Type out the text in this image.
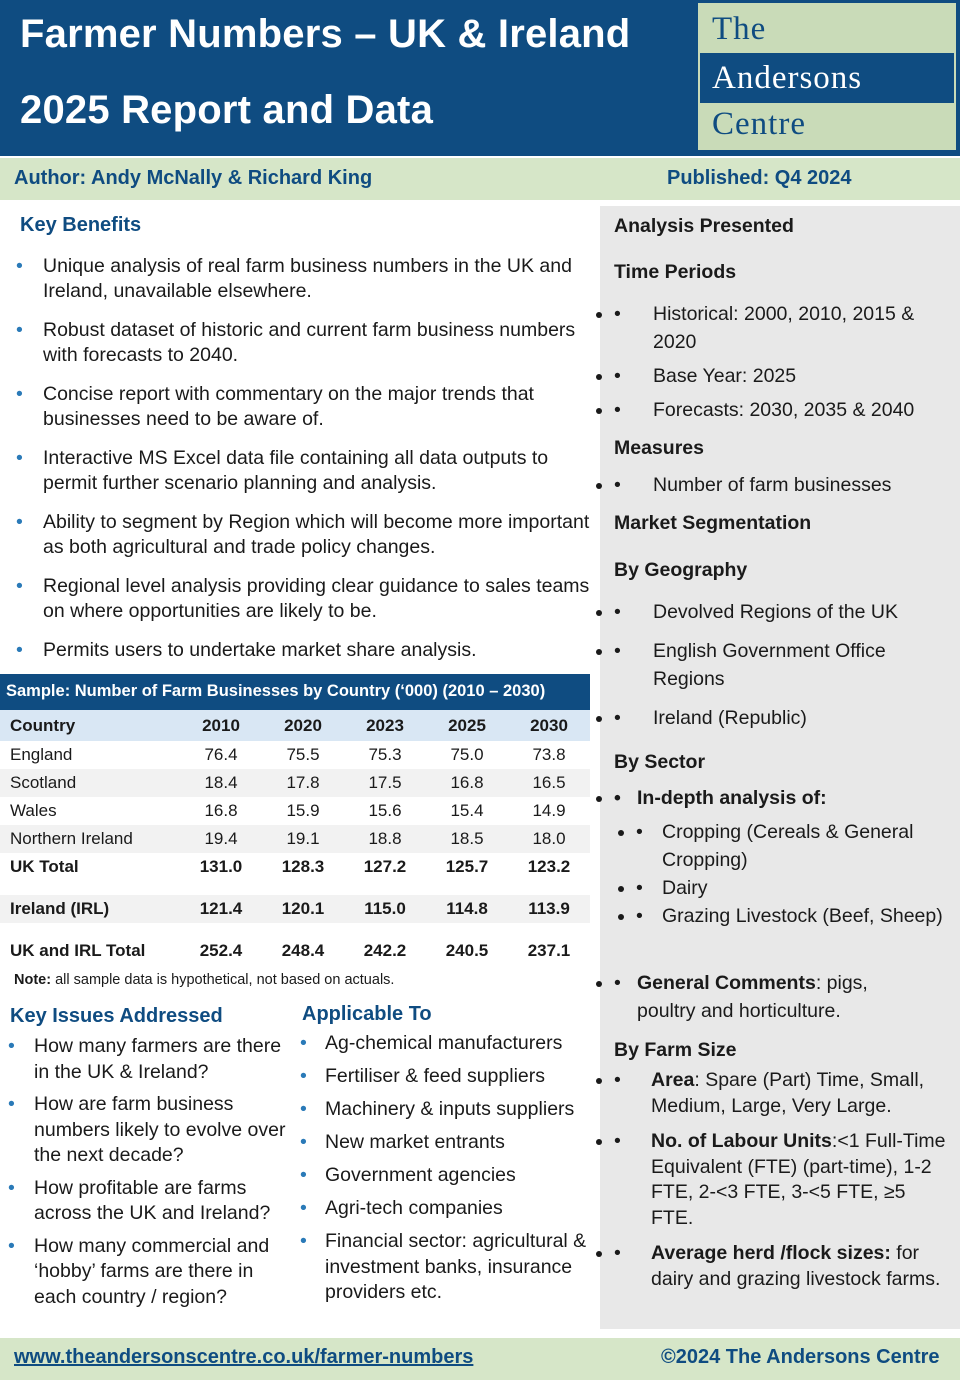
Farmer Numbers – UK & Ireland
2025 Report and Data
The
Andersons
Centre
Author: Andy McNally & Richard King	Published: Q4 2024
Key Benefits
• Unique analysis of real farm business numbers in the UK and Ireland, unavailable elsewhere.
• Robust dataset of historic and current farm business numbers with forecasts to 2040.
• Concise report with commentary on the major trends that businesses need to be aware of.
• Interactive MS Excel data file containing all data outputs to permit further scenario planning and analysis.
• Ability to segment by Region which will become more important as both agricultural and trade policy changes.
• Regional level analysis providing clear guidance to sales teams on where opportunities are likely to be.
• Permits users to undertake market share analysis.
Sample: Number of Farm Businesses by Country (‘000) (2010 – 2030)
Country	2010	2020	2023	2025	2030
England	76.4	75.5	75.3	75.0	73.8
Scotland	18.4	17.8	17.5	16.8	16.5
Wales	16.8	15.9	15.6	15.4	14.9
Northern Ireland	19.4	19.1	18.8	18.5	18.0
UK Total	131.0	128.3	127.2	125.7	123.2

Ireland (IRL)	121.4	120.1	115.0	114.8	113.9

UK and IRL Total	252.4	248.4	242.2	240.5	237.1
Note: all sample data is hypothetical, not based on actuals.
Key Issues Addressed
• How many farmers are there in the UK & Ireland?
• How are farm business numbers likely to evolve over the next decade?
• How profitable are farms across the UK and Ireland?
• How many commercial and ‘hobby’ farms are there in each country / region?
Applicable To
• Ag-chemical manufacturers
• Fertiliser & feed suppliers
• Machinery & inputs suppliers
• New market entrants
• Government agencies
• Agri-tech companies
• Financial sector: agricultural & investment banks, insurance providers etc.
Analysis Presented
Time Periods
• • Historical: 2000, 2010, 2015 & 2020
• • Base Year: 2025
• • Forecasts: 2030, 2035 & 2040
Measures
• • Number of farm businesses
Market Segmentation
By Geography
• • Devolved Regions of the UK
• • English Government Office Regions
• • Ireland (Republic)
By Sector
• • In-depth analysis of:
• • Cropping (Cereals & General Cropping)
• • Dairy
• • Grazing Livestock (Beef, Sheep)
• • General Comments: pigs, poultry and horticulture.
By Farm Size
• • Area: Spare (Part) Time, Small, Medium, Large, Very Large.
• • No. of Labour Units:<1 Full-Time Equivalent (FTE) (part-time), 1-2 FTE, 2-<3 FTE, 3-<5 FTE, ≥5 FTE.
• • Average herd /flock sizes: for dairy and grazing livestock farms.
www.theandersonscentre.co.uk/farmer-numbers	©2024 The Andersons Centre
